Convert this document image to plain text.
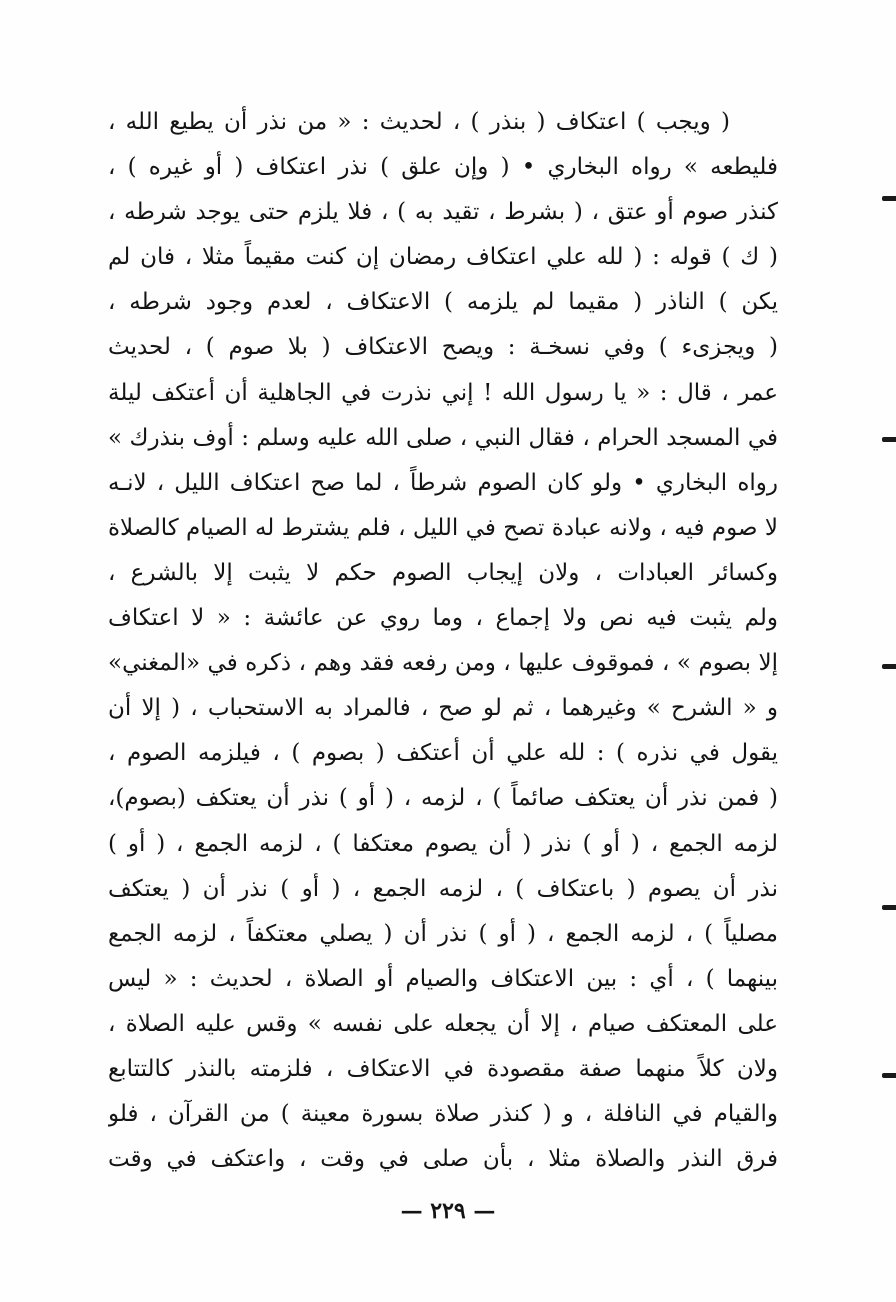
( ويجب ) اعتكاف ( بنذر ) ، لحديث : « من نذر أن يطيع الله ،
فليطعه » رواه البخاري • ( وإن علق ) نذر اعتكاف ( أو غيره ) ،
كنذر صوم أو عتق ، ( بشرط ، تقيد به ) ، فلا يلزم حتى يوجد شرطه ،
( ك ) قوله : ( لله علي اعتكاف رمضان إن كنت مقيماً مثلا ، فان لم
يكن ) الناذر ( مقيما لم يلزمه ) الاعتكاف ، لعدم وجود شرطه ،
( ويجزىء ) وفي نسخـة : ويصح الاعتكاف ( بلا صوم ) ، لحديث
عمر ، قال : « يا رسول الله ! إني نذرت في الجاهلية أن أعتكف ليلة
في المسجد الحرام ، فقال النبي ، صلى الله عليه وسلم : أوف بنذرك »
رواه البخاري • ولو كان الصوم شرطاً ، لما صح اعتكاف الليل ، لانـه
لا صوم فيه ، ولانه عبادة تصح في الليل ، فلم يشترط له الصيام كالصلاة
وكسائر العبادات ، ولان إيجاب الصوم حكم لا يثبت إلا بالشرع ،
ولم يثبت فيه نص ولا إجماع ، وما روي عن عائشة : « لا اعتكاف
إلا بصوم » ، فموقوف عليها ، ومن رفعه فقد وهم ، ذكره في «المغني»
و « الشرح » وغيرهما ، ثم لو صح ، فالمراد به الاستحباب ، ( إلا أن
يقول في نذره ) : لله علي أن أعتكف ( بصوم ) ، فيلزمه الصوم ،
( فمن نذر أن يعتكف صائماً ) ، لزمه ، ( أو ) نذر أن يعتكف (بصوم)،
لزمه الجمع ، ( أو ) نذر ( أن يصوم معتكفا ) ، لزمه الجمع ، ( أو )
نذر أن يصوم ( باعتكاف ) ، لزمه الجمع ، ( أو ) نذر أن ( يعتكف
مصلياً ) ، لزمه الجمع ، ( أو ) نذر أن ( يصلي معتكفاً ، لزمه الجمع
بينهما ) ، أي : بين الاعتكاف والصيام أو الصلاة ، لحديث : « ليس
على المعتكف صيام ، إلا أن يجعله على نفسه » وقس عليه الصلاة ،
ولان كلاً منهما صفة مقصودة في الاعتكاف ، فلزمته بالنذر كالتتابع
والقيام في النافلة ، و ( كنذر صلاة بسورة معينة ) من القرآن ، فلو
فرق النذر والصلاة مثلا ، بأن صلى في وقت ، واعتكف في وقت
— ٢٢٩ —
